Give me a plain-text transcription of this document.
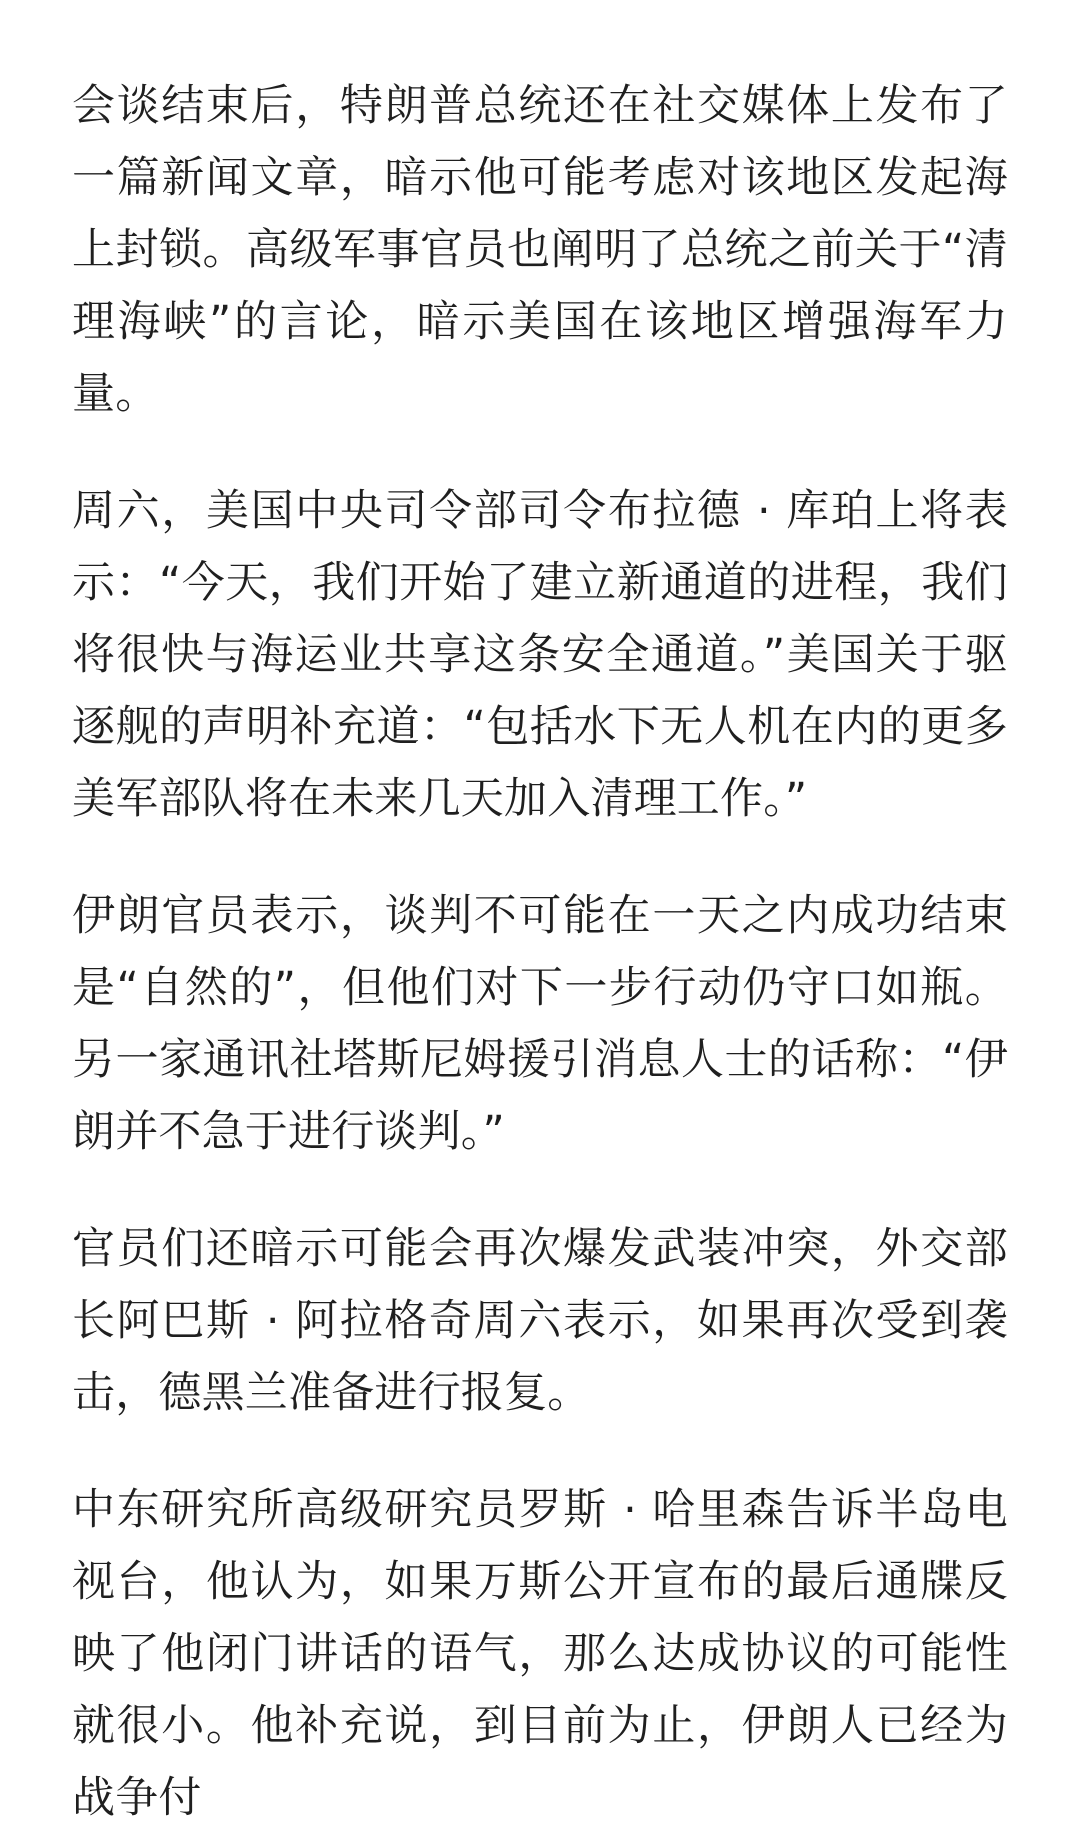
会谈结束后，特朗普总统还在社交媒体上发布了一篇新闻文章，暗示他可能考虑对该地区发起海上封锁。高级军事官员也阐明了总统之前关于“清理海峡”的言论，暗示美国在该地区增强海军力量。

周六，美国中央司令部司令布拉德 · 库珀上将表示：“今天，我们开始了建立新通道的进程，我们将很快与海运业共享这条安全通道。”美国关于驱逐舰的声明补充道：“包括水下无人机在内的更多美军部队将在未来几天加入清理工作。”

伊朗官员表示，谈判不可能在一天之内成功结束是“自然的”，但他们对下一步行动仍守口如瓶。另一家通讯社塔斯尼姆援引消息人士的话称：“伊朗并不急于进行谈判。”

官员们还暗示可能会再次爆发武装冲突，外交部长阿巴斯 · 阿拉格奇周六表示，如果再次受到袭击，德黑兰准备进行报复。

中东研究所高级研究员罗斯 · 哈里森告诉半岛电视台，他认为，如果万斯公开宣布的最后通牒反映了他闭门讲话的语气，那么达成协议的可能性就很小。他补充说，到目前为止，伊朗人已经为战争付
